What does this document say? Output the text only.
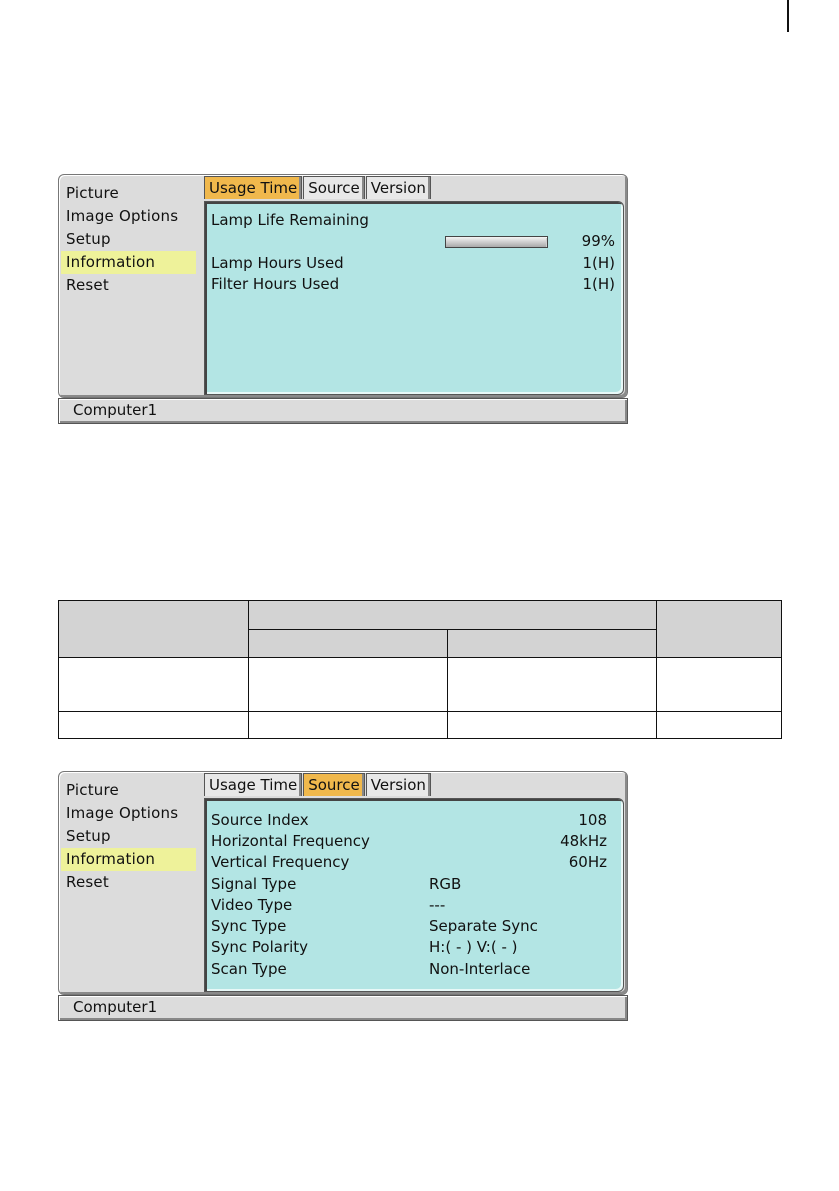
Picture
Image Options
Setup
Information
Reset
Usage Time Source Version
Lamp Life Remaining
99%
Lamp Hours Used	1(H)
Filter Hours Used	1(H)
Computer1
Picture
Image Options
Setup
Information
Reset
Usage Time Source Version
Source Index	108
Horizontal Frequency	48kHz
Vertical Frequency	60Hz
Signal Type	RGB
Video Type	---
Sync Type	Separate Sync
Sync Polarity	H:( - ) V:( - )
Scan Type	Non-Interlace
Computer1
